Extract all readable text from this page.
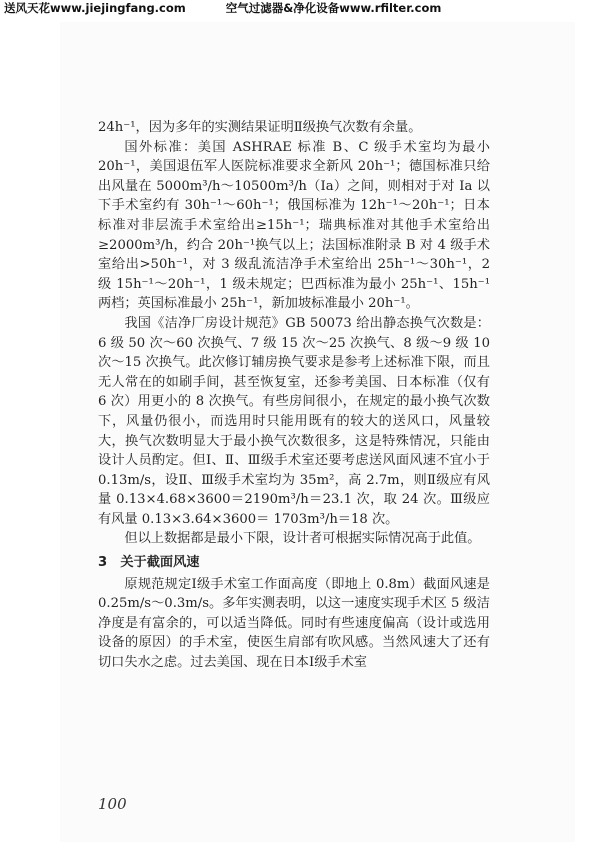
送风天花www.jiejingfang.com	空气过滤器&净化设备www.rfilter.com

24h⁻¹，因为多年的实测结果证明Ⅱ级换气次数有余量。

国外标准：美国 ASHRAE 标准 B、C 级手术室均为最小 20h⁻¹，美国退伍军人医院标准要求全新风 20h⁻¹；德国标准只给出风量在 5000m³/h～10500m³/h（Ia）之间，则相对于对 Ia 以下手术室约有 30h⁻¹～60h⁻¹；俄国标准为 12h⁻¹～20h⁻¹；日本标准对非层流手术室给出≥15h⁻¹；瑞典标准对其他手术室给出≥2000m³/h，约合 20h⁻¹换气以上；法国标准附录 B 对 4 级手术室给出>50h⁻¹，对 3 级乱流洁净手术室给出 25h⁻¹～30h⁻¹，2 级 15h⁻¹～20h⁻¹，1 级未规定；巴西标准为最小 25h⁻¹、15h⁻¹两档；英国标准最小 25h⁻¹，新加坡标准最小 20h⁻¹。

我国《洁净厂房设计规范》GB 50073 给出静态换气次数是：6 级 50 次～60 次换气、7 级 15 次～25 次换气、8 级～9 级 10 次～15 次换气。此次修订辅房换气要求是参考上述标准下限，而且无人常在的如刷手间，甚至恢复室，还参考美国、日本标准（仅有 6 次）用更小的 8 次换气。有些房间很小，在规定的最小换气次数下，风量仍很小，而选用时只能用既有的较大的送风口，风量较大，换气次数明显大于最小换气次数很多，这是特殊情况，只能由设计人员酌定。但Ⅰ、Ⅱ、Ⅲ级手术室还要考虑送风面风速不宜小于 0.13m/s，设Ⅱ、Ⅲ级手术室均为 35m²，高 2.7m，则Ⅱ级应有风量 0.13×4.68×3600＝2190m³/h＝23.1 次，取 24 次。Ⅲ级应有风量 0.13×3.64×3600＝ 1703m³/h＝18 次。

但以上数据都是最小下限，设计者可根据实际情况高于此值。

3　关于截面风速

原规范规定Ⅰ级手术室工作面高度（即地上 0.8m）截面风速是 0.25m/s～0.3m/s。多年实测表明，以这一速度实现手术区 5 级洁净度是有富余的，可以适当降低。同时有些速度偏高（设计或选用设备的原因）的手术室，使医生肩部有吹风感。当然风速大了还有切口失水之虑。过去美国、现在日本Ⅰ级手术室

100
